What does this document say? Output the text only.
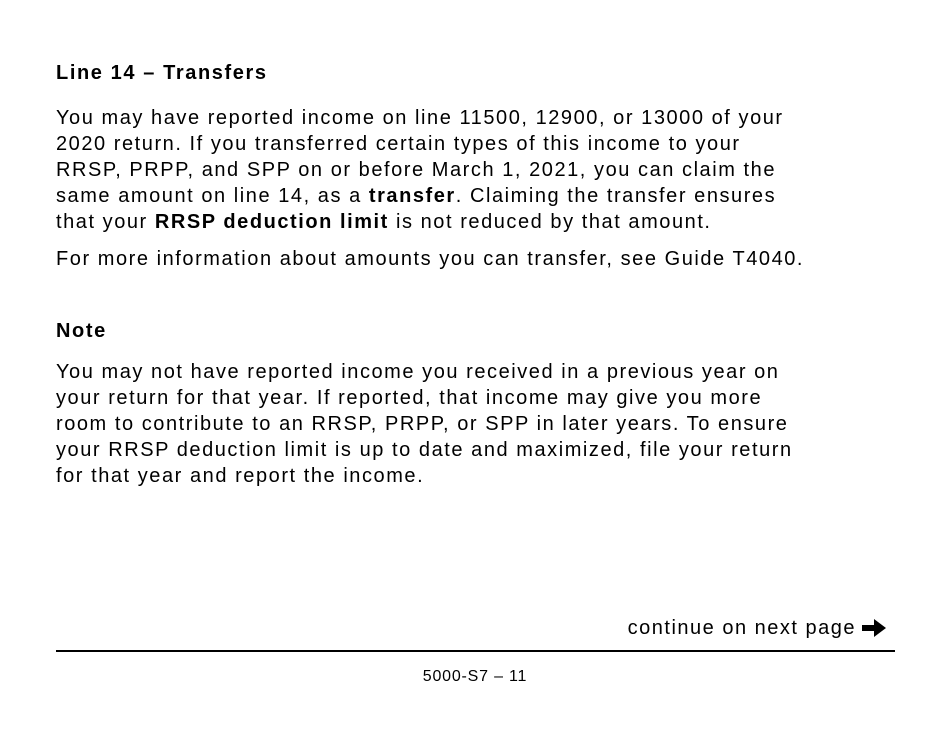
Line 14 – Transfers

You may have reported income on line 11500, 12900, or 13000 of your
2020 return. If you transferred certain types of this income to your
RRSP, PRPP, and SPP on or before March 1, 2021, you can claim the
same amount on line 14, as a transfer. Claiming the transfer ensures
that your RRSP deduction limit is not reduced by that amount.

For more information about amounts you can transfer, see Guide T4040.

Note

You may not have reported income you received in a previous year on
your return for that year. If reported, that income may give you more
room to contribute to an RRSP, PRPP, or SPP in later years. To ensure
your RRSP deduction limit is up to date and maximized, file your return
for that year and report the income.

continue on next page
5000-S7 – 11
